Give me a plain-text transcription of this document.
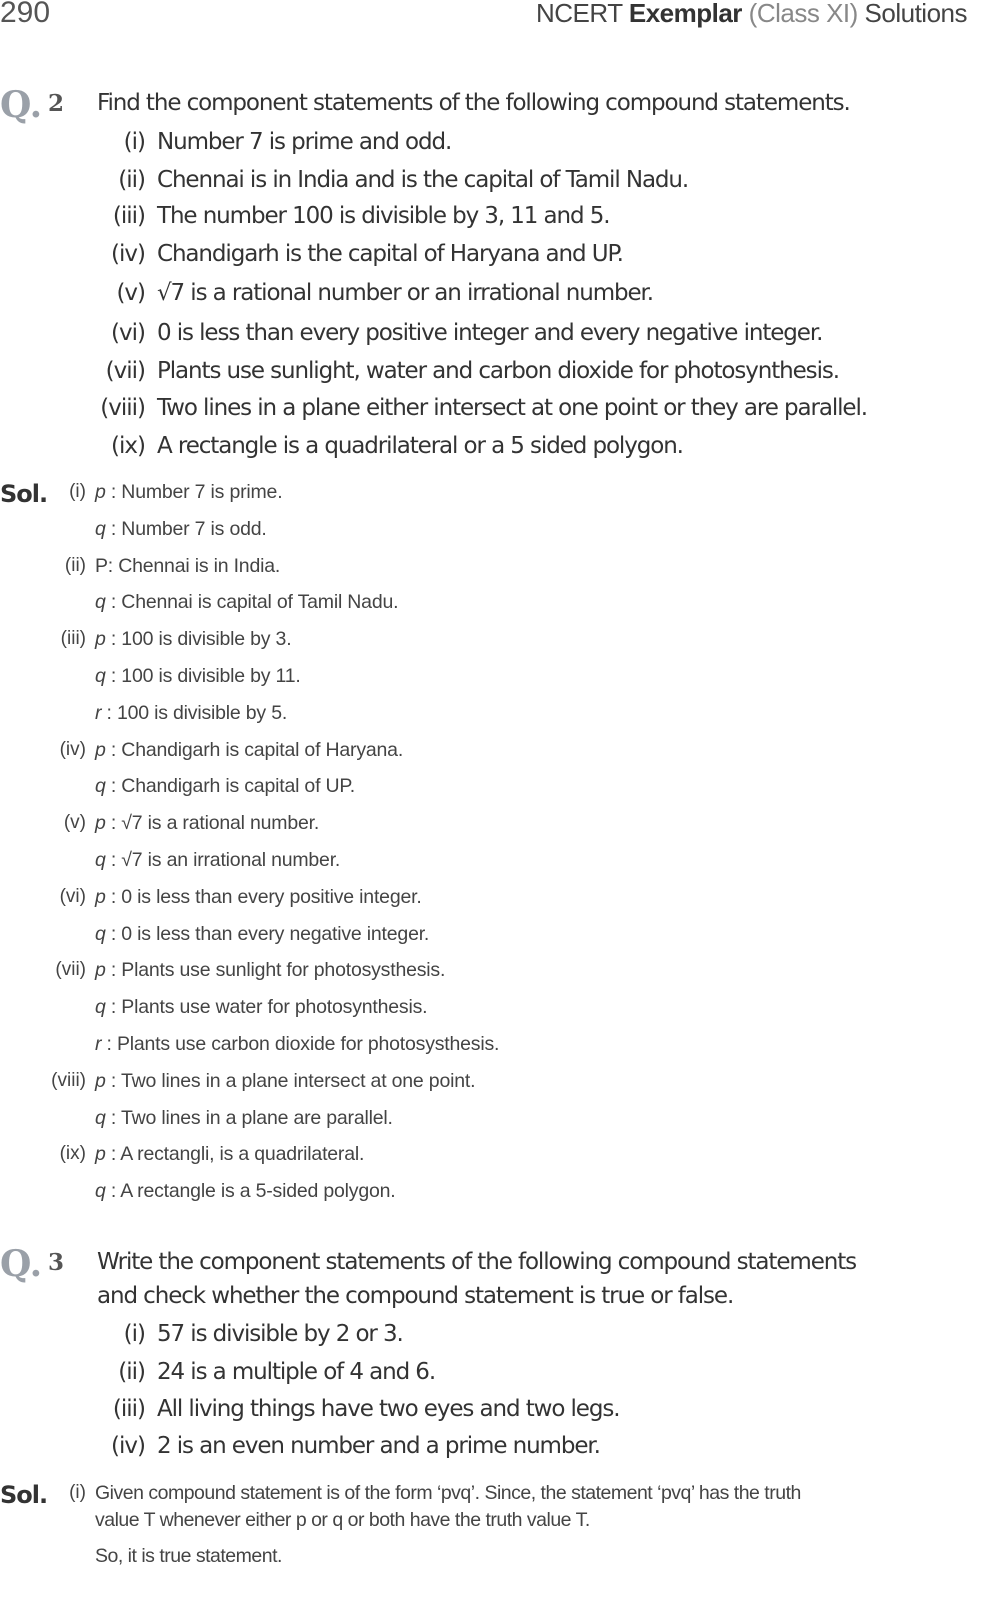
290	NCERT Exemplar (Class XI) Solutions
Q. 2 Find the component statements of the following compound statements.
(i) Number 7 is prime and odd.
(ii) Chennai is in India and is the capital of Tamil Nadu.
(iii) The number 100 is divisible by 3, 11 and 5.
(iv) Chandigarh is the capital of Haryana and UP.
(v) √7 is a rational number or an irrational number.
(vi) 0 is less than every positive integer and every negative integer.
(vii) Plants use sunlight, water and carbon dioxide for photosynthesis.
(viii) Two lines in a plane either intersect at one point or they are parallel.
(ix) A rectangle is a quadrilateral or a 5 sided polygon.
Sol.	(i) p : Number 7 is prime.
q : Number 7 is odd.
(ii) P: Chennai is in India.
q : Chennai is capital of Tamil Nadu.
(iii) p : 100 is divisible by 3.
q : 100 is divisible by 11.
r : 100 is divisible by 5.
(iv) p : Chandigarh is capital of Haryana.
q : Chandigarh is capital of UP.
(v) p : √7 is a rational number.
q : √7 is an irrational number.
(vi) p : 0 is less than every positive integer.
q : 0 is less than every negative integer.
(vii) p : Plants use sunlight for photosysthesis.
q : Plants use water for photosynthesis.
r : Plants use carbon dioxide for photosysthesis.
(viii) p : Two lines in a plane intersect at one point.
q : Two lines in a plane are parallel.
(ix) p : A rectangli, is a quadrilateral.
q : A rectangle is a 5-sided polygon.
Q. 3 Write the component statements of the following compound statements
and check whether the compound statement is true or false.
(i) 57 is divisible by 2 or 3.
(ii) 24 is a multiple of 4 and 6.
(iii) All living things have two eyes and two legs.
(iv) 2 is an even number and a prime number.
Sol.	(i) Given compound statement is of the form ‘pvq’. Since, the statement ‘pvq’ has the truth
value T whenever either p or q or both have the truth value T.
So, it is true statement.
